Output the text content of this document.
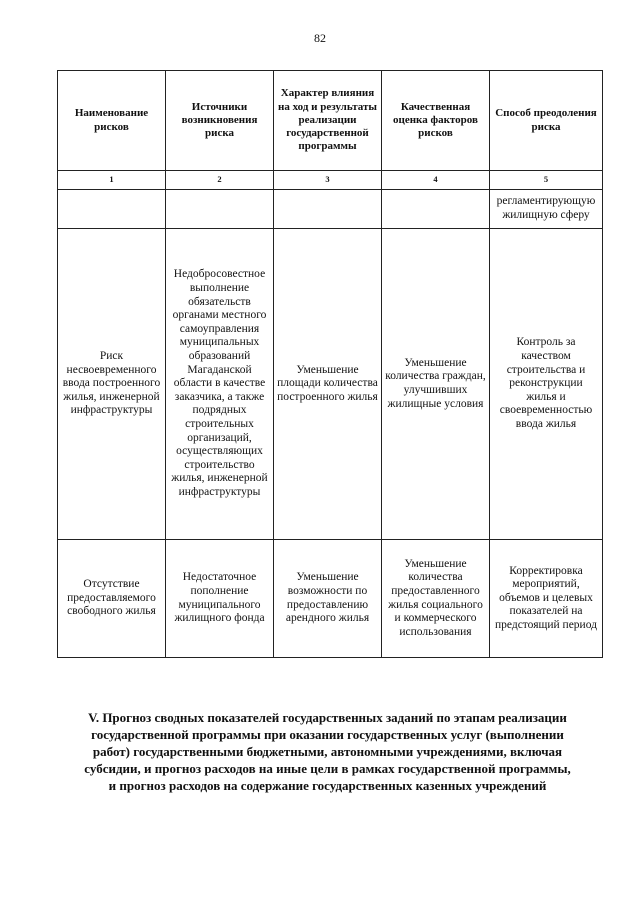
82
Наименование рисков	Источники возникновения риска	Характер влияния на ход и результаты реализации государственной программы	Качественная оценка факторов рисков	Способ преодоления риска
1	2	3	4	5
				регламентирующую жилищную сферу
Риск несвоевременного ввода построенного жилья, инженерной инфраструктуры	Недобросовестное выполнение обязательств органами местного самоуправления муниципальных образований Магаданской области в качестве заказчика, а также подрядных строительных организаций, осуществляющих строительство жилья, инженерной инфраструктуры	Уменьшение площади количества построенного жилья	Уменьшение количества граждан, улучшивших жилищные условия	Контроль за качеством строительства и реконструкции жилья и своевременностью ввода жилья
Отсутствие предоставляемого свободного жилья	Недостаточное пополнение муниципального жилищного фонда	Уменьшение возможности по предоставлению арендного жилья	Уменьшение количества предоставленного жилья социального и коммерческого использования	Корректировка мероприятий, объемов и целевых показателей на предстоящий период

V. Прогноз сводных показателей государственных заданий по этапам реализации государственной программы при оказании государственных услуг (выполнении работ) государственными бюджетными, автономными учреждениями, включая субсидии, и прогноз расходов на иные цели в рамках государственной программы, и прогноз расходов на содержание государственных казенных учреждений
